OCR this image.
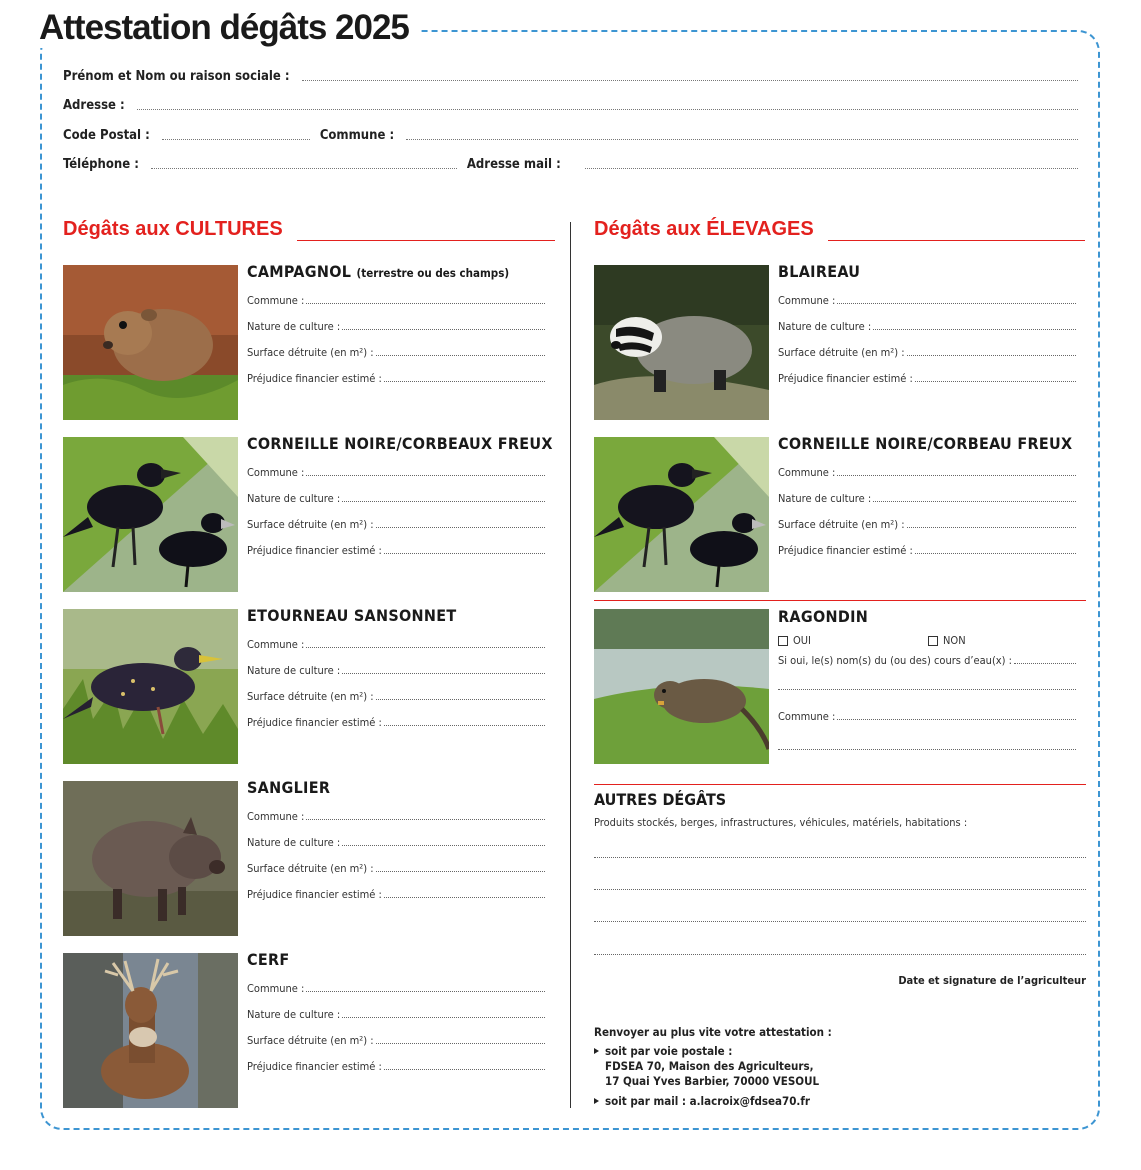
Attestation dégâts 2025
Prénom et Nom ou raison sociale :
Adresse :
Code Postal :	Commune :
Téléphone :	Adresse mail :
Dégâts aux CULTURES	Dégâts aux ÉLEVAGES
CAMPAGNOL (terrestre ou des champs)
Commune :
Nature de culture :
Surface détruite (en m²) :
Préjudice financier estimé :
CORNEILLE NOIRE/CORBEAUX FREUX
Commune :
Nature de culture :
Surface détruite (en m²) :
Préjudice financier estimé :
ETOURNEAU SANSONNET
Commune :
Nature de culture :
Surface détruite (en m²) :
Préjudice financier estimé :
SANGLIER
Commune :
Nature de culture :
Surface détruite (en m²) :
Préjudice financier estimé :
CERF
Commune :
Nature de culture :
Surface détruite (en m²) :
Préjudice financier estimé :
BLAIREAU
Commune :
Nature de culture :
Surface détruite (en m²) :
Préjudice financier estimé :
CORNEILLE NOIRE/CORBEAU FREUX
Commune :
Nature de culture :
Surface détruite (en m²) :
Préjudice financier estimé :
RAGONDIN
OUI	NON
Si oui, le(s) nom(s) du (ou des) cours d’eau(x) :
Commune :
AUTRES DÉGÂTS
Produits stockés, berges, infrastructures, véhicules, matériels, habitations :
Date et signature de l’agriculteur
Renvoyer au plus vite votre attestation :
soit par voie postale :
FDSEA 70, Maison des Agriculteurs,
17 Quai Yves Barbier, 70000 VESOUL
soit par mail : a.lacroix@fdsea70.fr
